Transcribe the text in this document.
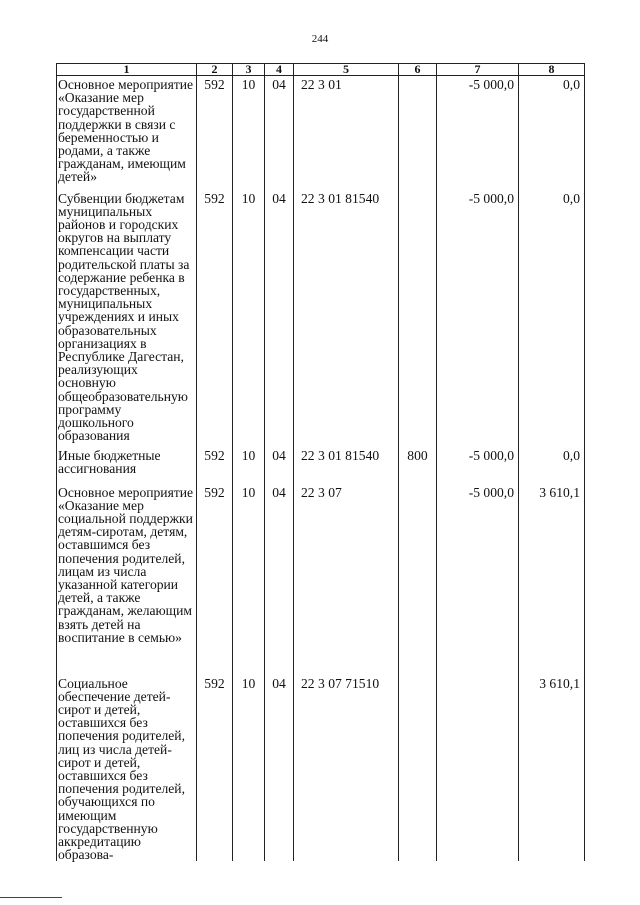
244
1	2	3	4	5	6	7	8
Основное мероприятие «Оказание мер государственной поддержки в связи с беременностью и родами, а также гражданам, имеющим детей»	592	10	04	22 3 01		-5 000,0	0,0
Субвенции бюджетам муниципальных районов и городских округов на выплату компенсации части родительской платы за содержание ребенка в государственных, муниципальных учреждениях и иных образовательных организациях в Республике Дагестан, реализующих основную общеобразовательную программу дошкольного образования	592	10	04	22 3 01 81540		-5 000,0	0,0
Иные бюджетные ассигнования	592	10	04	22 3 01 81540	800	-5 000,0	0,0
Основное мероприятие «Оказание мер социальной поддержки детям-сиротам, детям, оставшимся без попечения родителей, лицам из числа указанной категории детей, а также гражданам, желающим взять детей на воспитание в семью»	592	10	04	22 3 07		-5 000,0	3 610,1
Социальное обеспечение детей-сирот и детей, оставшихся без попечения родителей, лиц из числа детей-сирот и детей, оставшихся без попечения родителей, обучающихся по имеющим государственную аккредитацию образова-	592	10	04	22 3 07 71510			3 610,1
